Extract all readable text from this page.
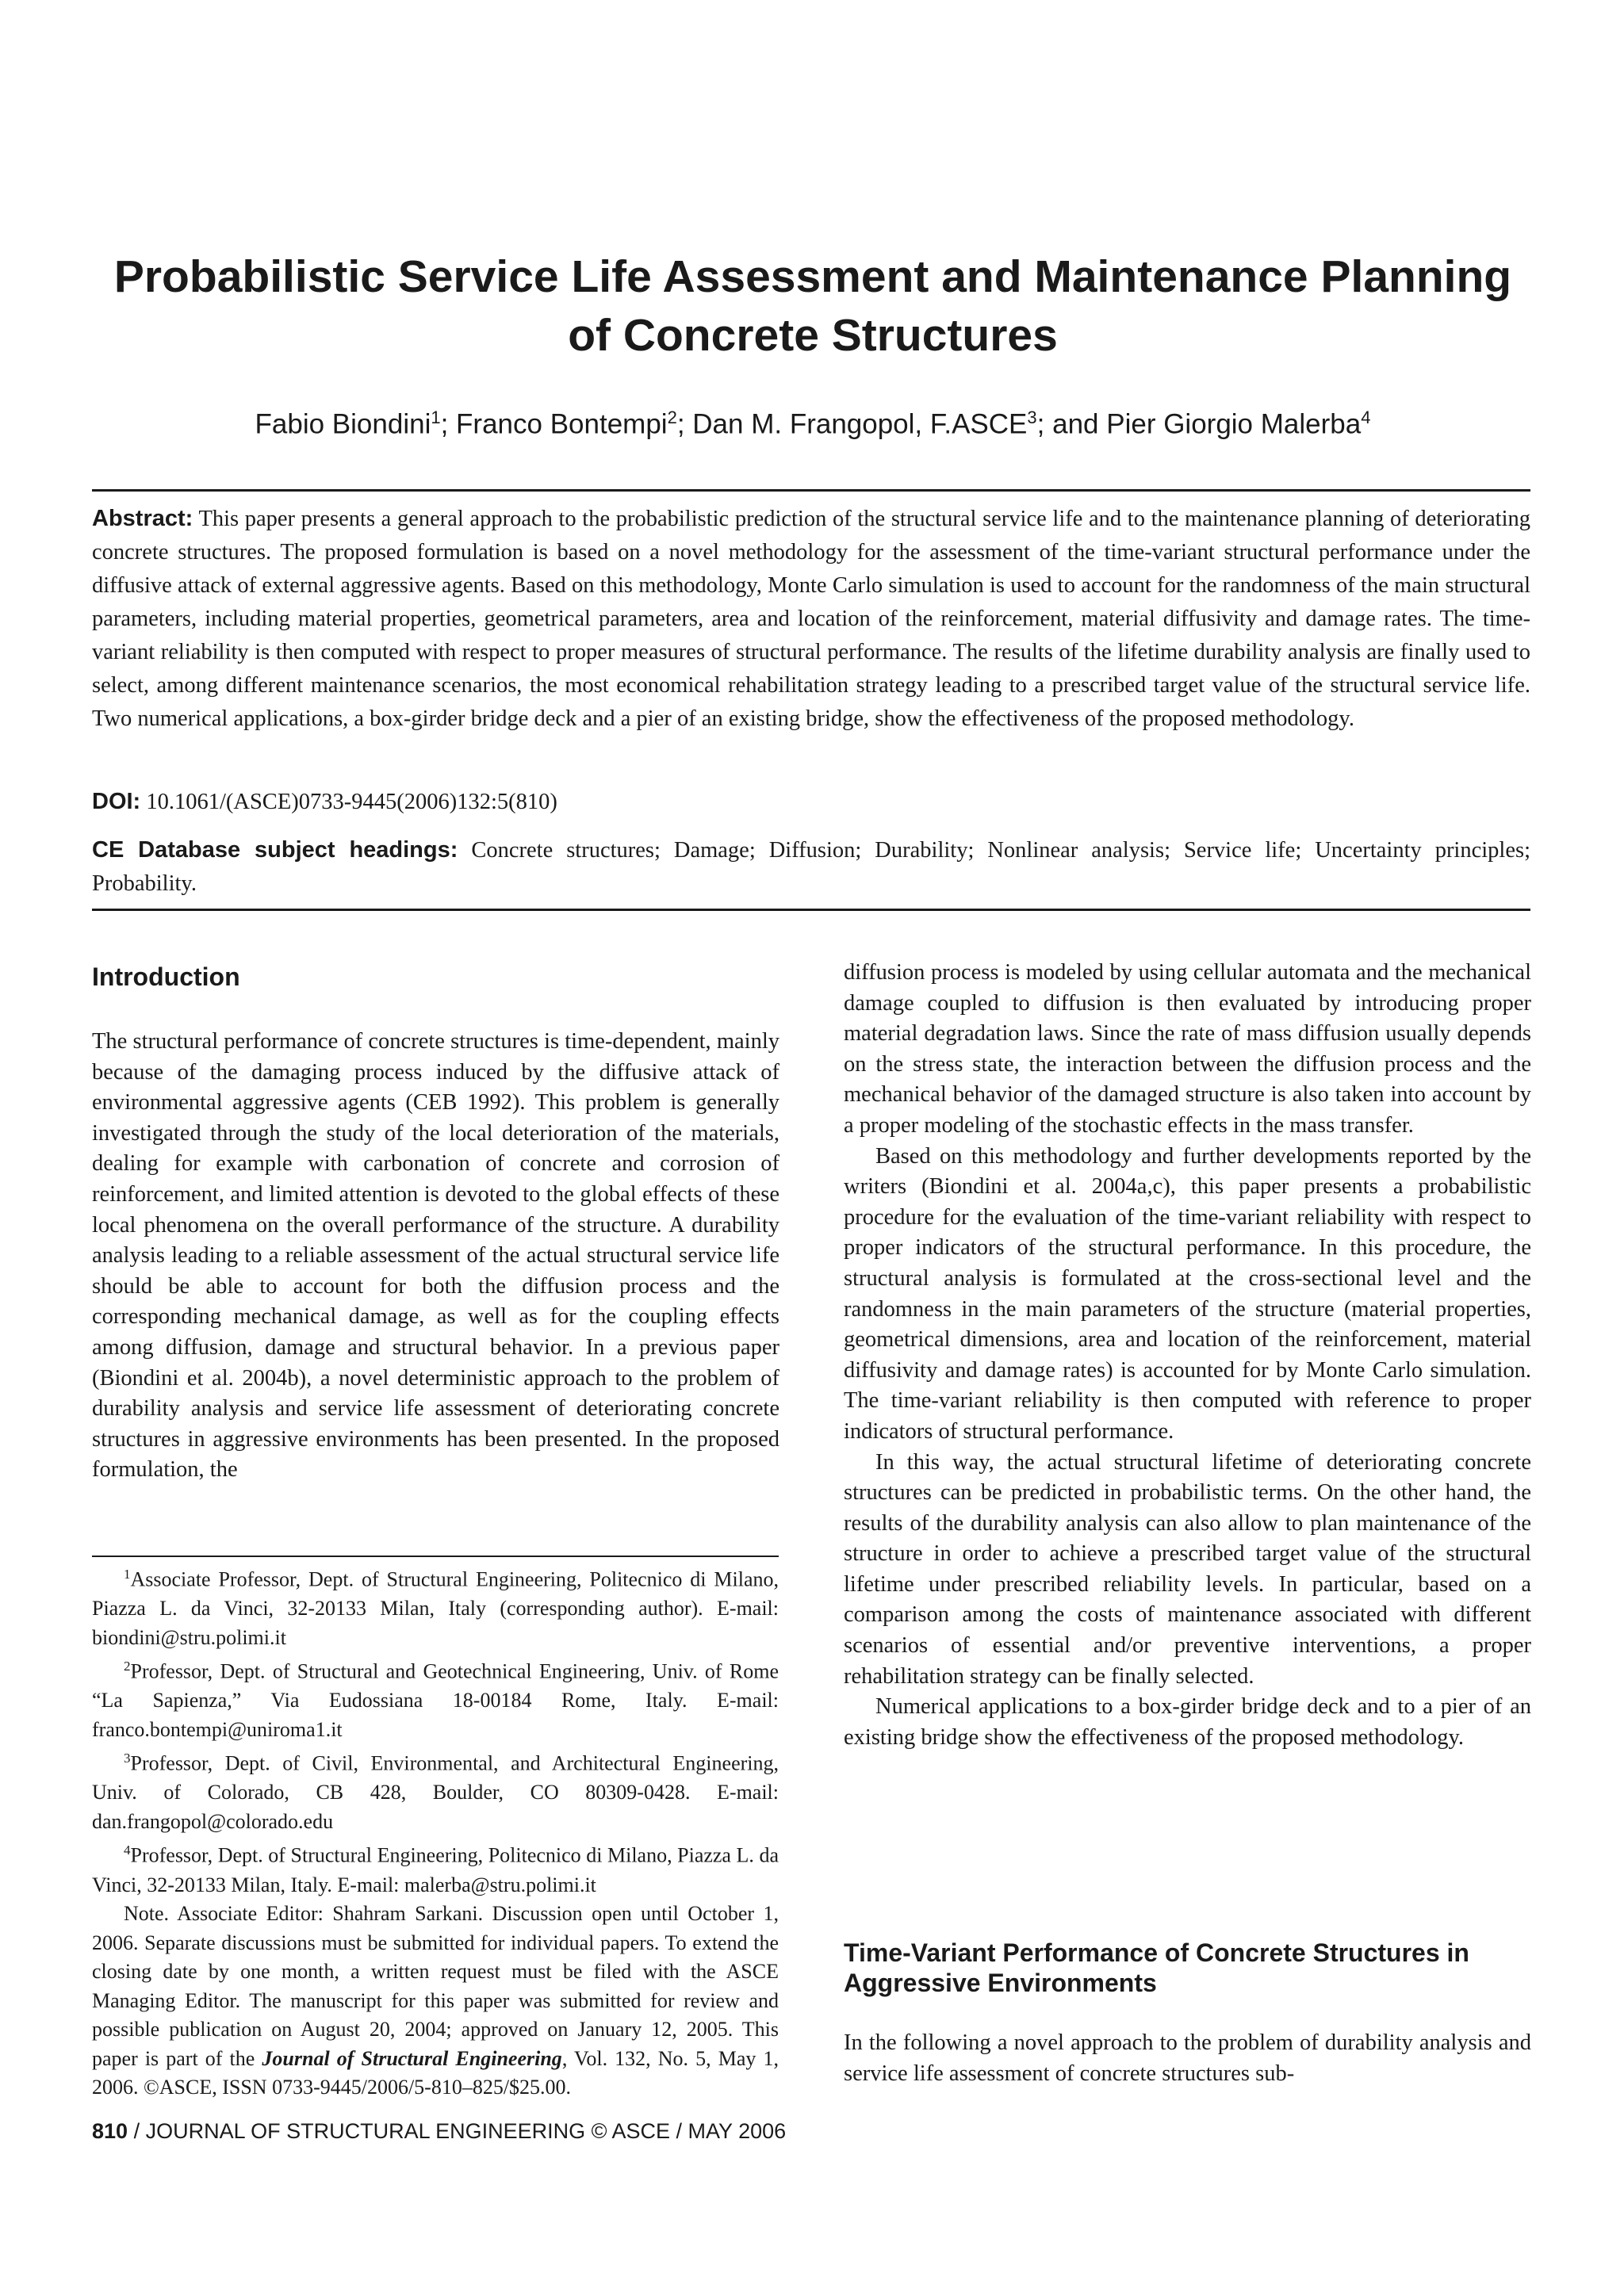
Probabilistic Service Life Assessment and Maintenance Planning of Concrete Structures
Fabio Biondini$^1$; Franco Bontempi$^2$; Dan M. Frangopol, F.ASCE$^3$; and Pier Giorgio Malerba$^4$
Abstract: This paper presents a general approach to the probabilistic prediction of the structural service life and to the maintenance planning of deteriorating concrete structures. The proposed formulation is based on a novel methodology for the assessment of the time-variant structural performance under the diffusive attack of external aggressive agents. Based on this methodology, Monte Carlo simulation is used to account for the randomness of the main structural parameters, including material properties, geometrical parameters, area and location of the reinforcement, material diffusivity and damage rates. The time-variant reliability is then computed with respect to proper measures of structural performance. The results of the lifetime durability analysis are finally used to select, among different maintenance scenarios, the most economical rehabilitation strategy leading to a prescribed target value of the structural service life. Two numerical applications, a box-girder bridge deck and a pier of an existing bridge, show the effectiveness of the proposed methodology.
DOI: 10.1061/(ASCE)0733-9445(2006)132:5(810)
CE Database subject headings: Concrete structures; Damage; Diffusion; Durability; Nonlinear analysis; Service life; Uncertainty principles; Probability.
Introduction

The structural performance of concrete structures is time-dependent, mainly because of the damaging process induced by the diffusive attack of environmental aggressive agents (CEB 1992). This problem is generally investigated through the study of the local deterioration of the materials, dealing for example with carbonation of concrete and corrosion of reinforcement, and limited attention is devoted to the global effects of these local phenomena on the overall performance of the structure. A durability analysis leading to a reliable assessment of the actual structural service life should be able to account for both the diffusion process and the corresponding mechanical damage, as well as for the coupling effects among diffusion, damage and structural behavior. In a previous paper (Biondini et al. 2004b), a novel deterministic approach to the problem of durability analysis and service life assessment of deteriorating concrete structures in aggressive environments has been presented. In the proposed formulation, the

$^1$Associate Professor, Dept. of Structural Engineering, Politecnico di Milano, Piazza L. da Vinci, 32-20133 Milan, Italy (corresponding author). E-mail: biondini@stru.polimi.it

$^2$Professor, Dept. of Structural and Geotechnical Engineering, Univ. of Rome “La Sapienza,” Via Eudossiana 18-00184 Rome, Italy. E-mail: franco.bontempi@uniroma1.it

$^3$Professor, Dept. of Civil, Environmental, and Architectural Engineering, Univ. of Colorado, CB 428, Boulder, CO 80309-0428. E-mail: dan.frangopol@colorado.edu

$^4$Professor, Dept. of Structural Engineering, Politecnico di Milano, Piazza L. da Vinci, 32-20133 Milan, Italy. E-mail: malerba@stru.polimi.it

Note. Associate Editor: Shahram Sarkani. Discussion open until October 1, 2006. Separate discussions must be submitted for individual papers. To extend the closing date by one month, a written request must be filed with the ASCE Managing Editor. The manuscript for this paper was submitted for review and possible publication on August 20, 2004; approved on January 12, 2005. This paper is part of the Journal of Structural Engineering, Vol. 132, No. 5, May 1, 2006. ©ASCE, ISSN 0733-9445/2006/5-810–825/$25.00.

diffusion process is modeled by using cellular automata and the mechanical damage coupled to diffusion is then evaluated by introducing proper material degradation laws. Since the rate of mass diffusion usually depends on the stress state, the interaction between the diffusion process and the mechanical behavior of the damaged structure is also taken into account by a proper modeling of the stochastic effects in the mass transfer.

Based on this methodology and further developments reported by the writers (Biondini et al. 2004a,c), this paper presents a probabilistic procedure for the evaluation of the time-variant reliability with respect to proper indicators of the structural performance. In this procedure, the structural analysis is formulated at the cross-sectional level and the randomness in the main parameters of the structure (material properties, geometrical dimensions, area and location of the reinforcement, material diffusivity and damage rates) is accounted for by Monte Carlo simulation. The time-variant reliability is then computed with reference to proper indicators of structural performance.

In this way, the actual structural lifetime of deteriorating concrete structures can be predicted in probabilistic terms. On the other hand, the results of the durability analysis can also allow to plan maintenance of the structure in order to achieve a prescribed target value of the structural lifetime under prescribed reliability levels. In particular, based on a comparison among the costs of maintenance associated with different scenarios of essential and/or preventive interventions, a proper rehabilitation strategy can be finally selected.

Numerical applications to a box-girder bridge deck and to a pier of an existing bridge show the effectiveness of the proposed methodology.

Time-Variant Performance of Concrete Structures in Aggressive Environments

In the following a novel approach to the problem of durability analysis and service life assessment of concrete structures sub-

810 / JOURNAL OF STRUCTURAL ENGINEERING © ASCE / MAY 2006
